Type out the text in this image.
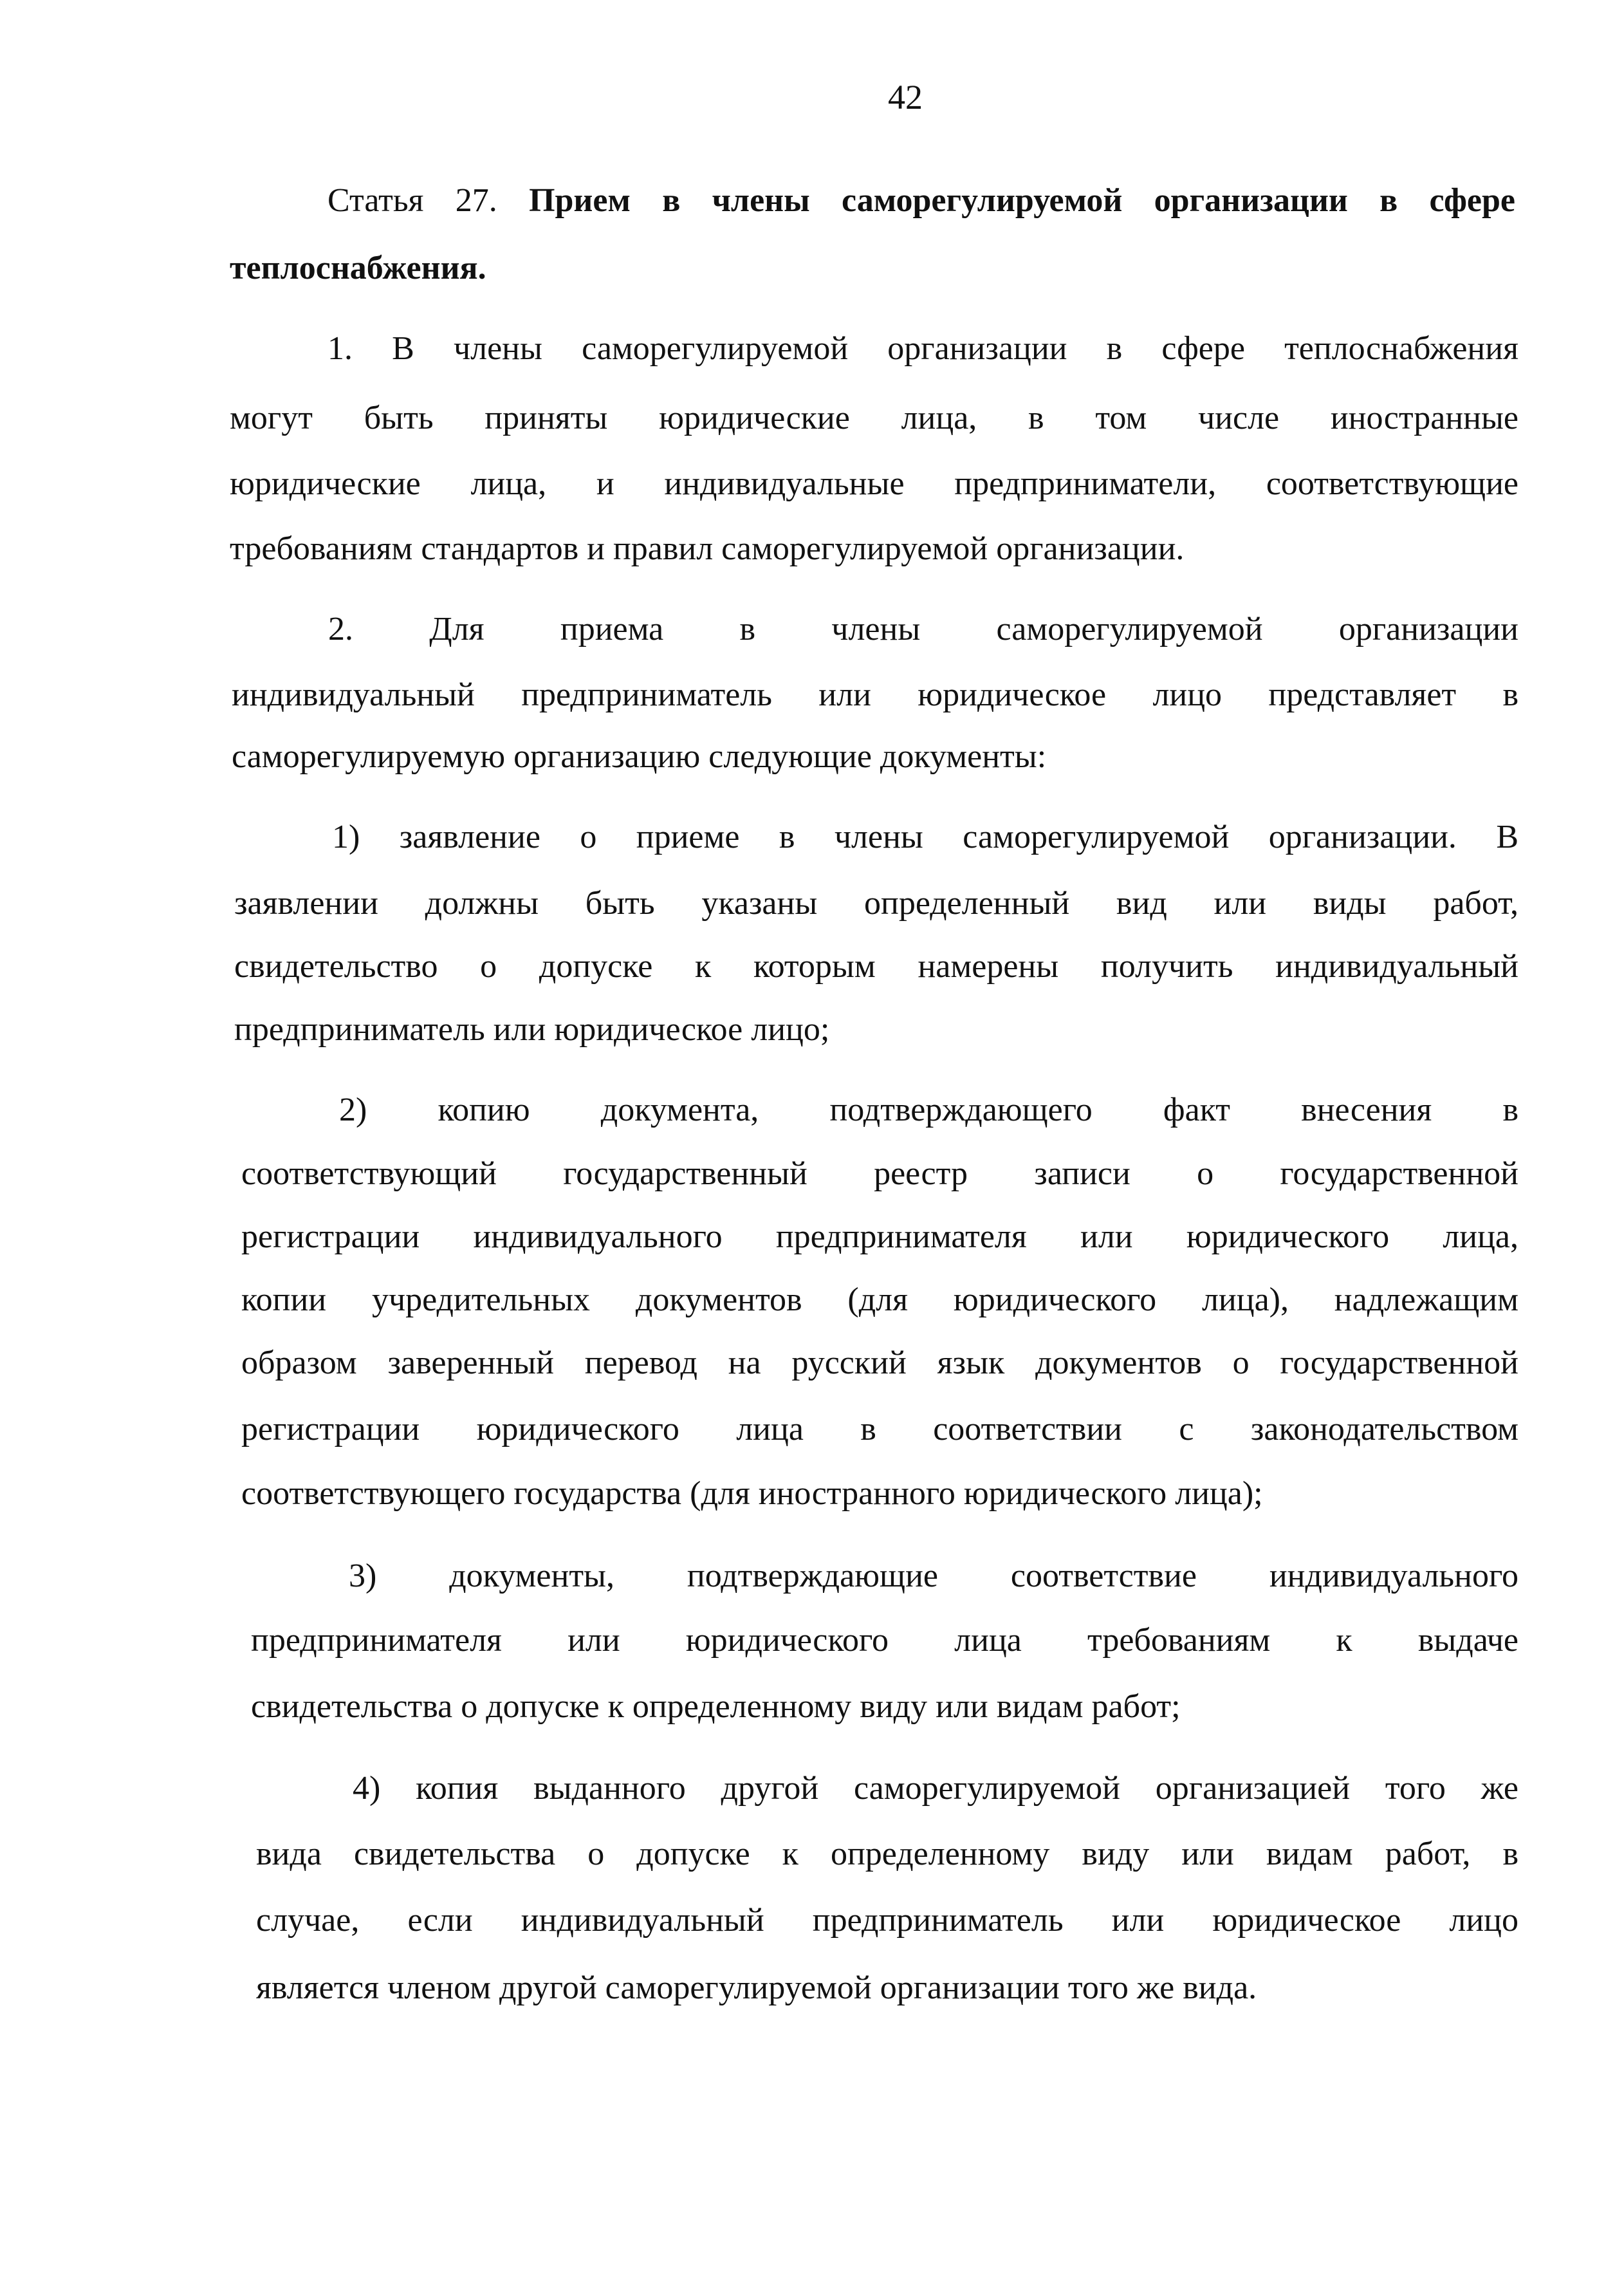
42
Статья 27. Прием в члены саморегулируемой организации в сфере
теплоснабжения.
1. В члены саморегулируемой организации в сфере теплоснабжения
могут быть приняты юридические лица, в том числе иностранные
юридические лица, и индивидуальные предприниматели, соответствующие
требованиям стандартов и правил саморегулируемой организации.
2. Для приема в члены саморегулируемой организации
индивидуальный предприниматель или юридическое лицо представляет в
саморегулируемую организацию следующие документы:
1) заявление о приеме в члены саморегулируемой организации. В
заявлении должны быть указаны определенный вид или виды работ,
свидетельство о допуске к которым намерены получить индивидуальный
предприниматель или юридическое лицо;
2) копию документа, подтверждающего факт внесения в
соответствующий государственный реестр записи о государственной
регистрации индивидуального предпринимателя или юридического лица,
копии учредительных документов (для юридического лица), надлежащим
образом заверенный перевод на русский язык документов о государственной
регистрации юридического лица в соответствии с законодательством
соответствующего государства (для иностранного юридического лица);
3) документы, подтверждающие соответствие индивидуального
предпринимателя или юридического лица требованиям к выдаче
свидетельства о допуске к определенному виду или видам работ;
4) копия выданного другой саморегулируемой организацией того же
вида свидетельства о допуске к определенному виду или видам работ, в
случае, если индивидуальный предприниматель или юридическое лицо
является членом другой саморегулируемой организации того же вида.
